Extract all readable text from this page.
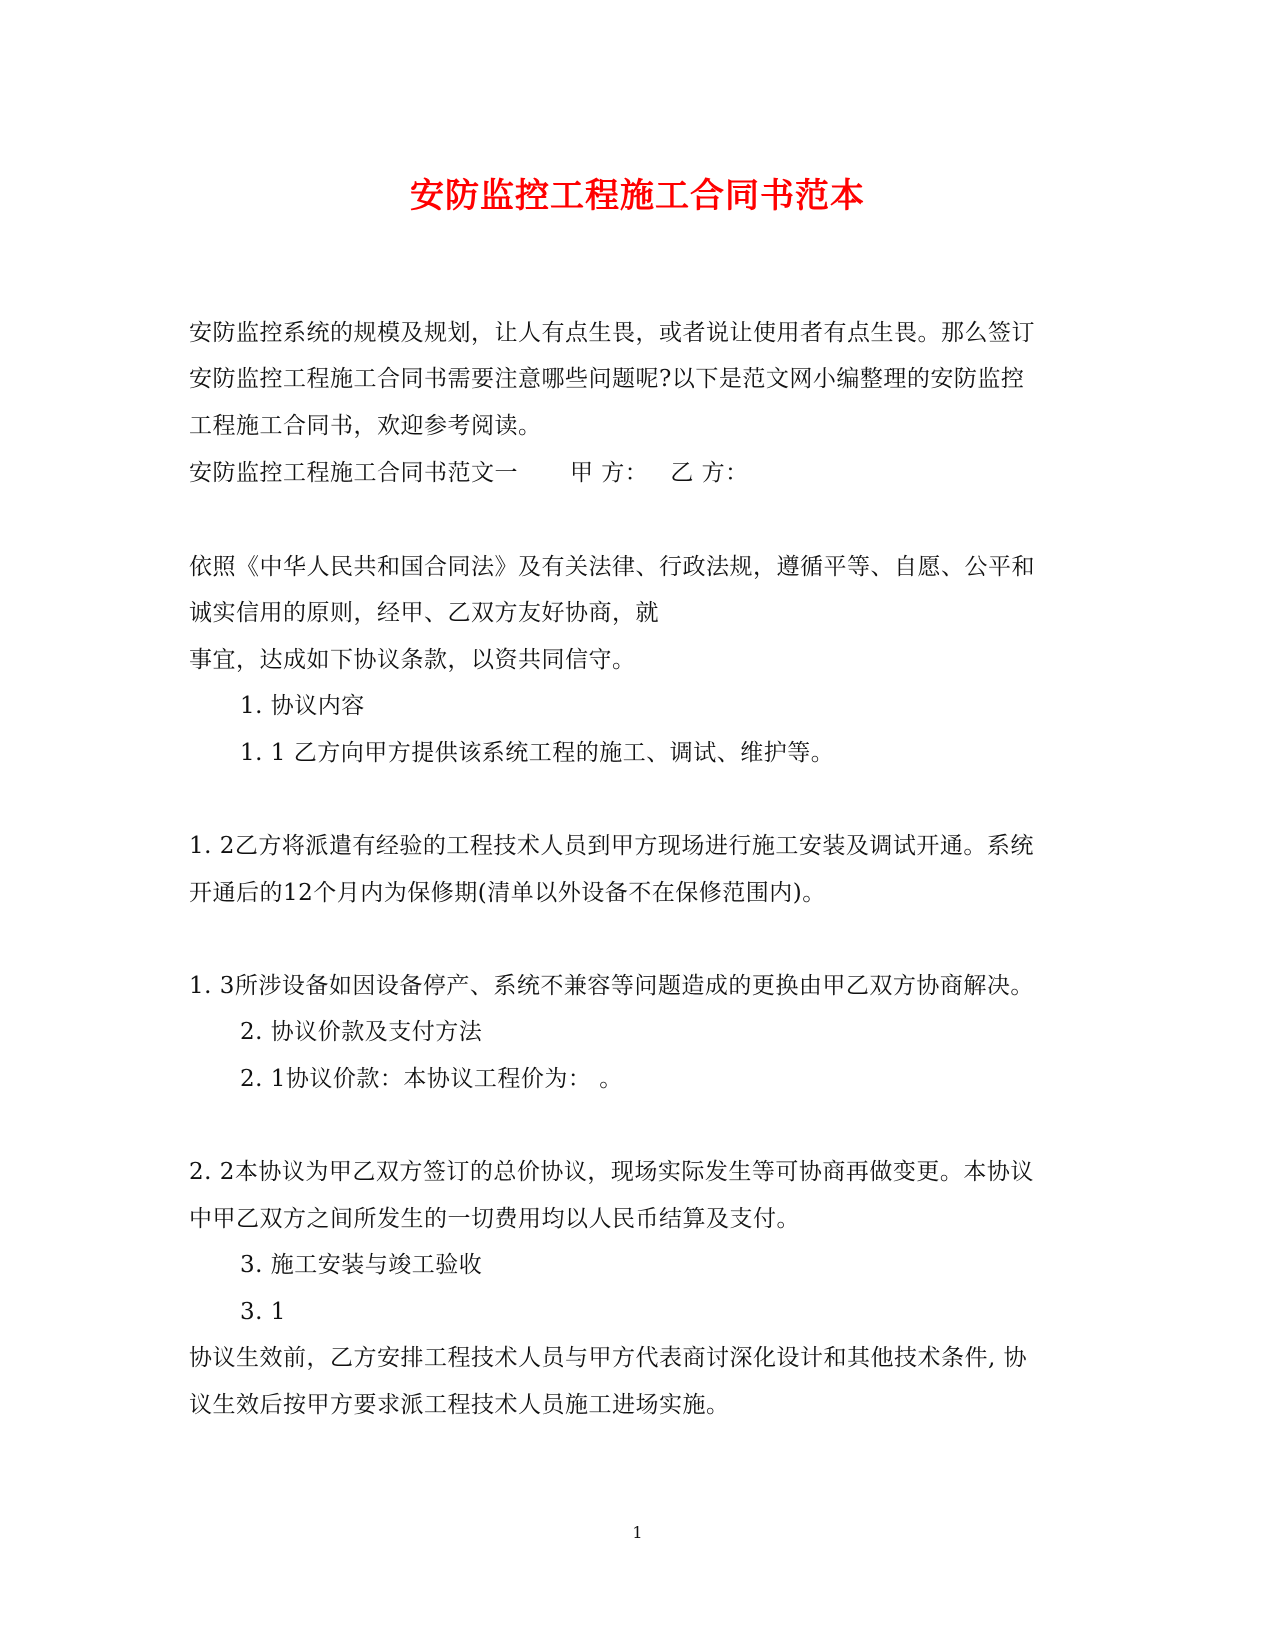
安防监控工程施工合同书范本
安防监控系统的规模及规划，让人有点生畏，或者说让使用者有点生畏。那么签订
安防监控工程施工合同书需要注意哪些问题呢?以下是范文网小编整理的安防监控
工程施工合同书，欢迎参考阅读。
安防监控工程施工合同书范文一 甲 方： 乙 方：
依照《中华人民共和国合同法》及有关法律、行政法规，遵循平等、自愿、公平和
诚实信用的原则，经甲、乙双方友好协商，就
事宜，达成如下协议条款，以资共同信守。
1. 协议内容
1. 1 乙方向甲方提供该系统工程的施工、调试、维护等。
1. 2乙方将派遣有经验的工程技术人员到甲方现场进行施工安装及调试开通。系统
开通后的12个月内为保修期(清单以外设备不在保修范围内)。
1. 3所涉设备如因设备停产、系统不兼容等问题造成的更换由甲乙双方协商解决。
2. 协议价款及支付方法
2. 1协议价款：本协议工程价为： 。
2. 2本协议为甲乙双方签订的总价协议，现场实际发生等可协商再做变更。本协议
中甲乙双方之间所发生的一切费用均以人民币结算及支付。
3. 施工安装与竣工验收
3. 1
协议生效前，乙方安排工程技术人员与甲方代表商讨深化设计和其他技术条件, 协
议生效后按甲方要求派工程技术人员施工进场实施。
1
